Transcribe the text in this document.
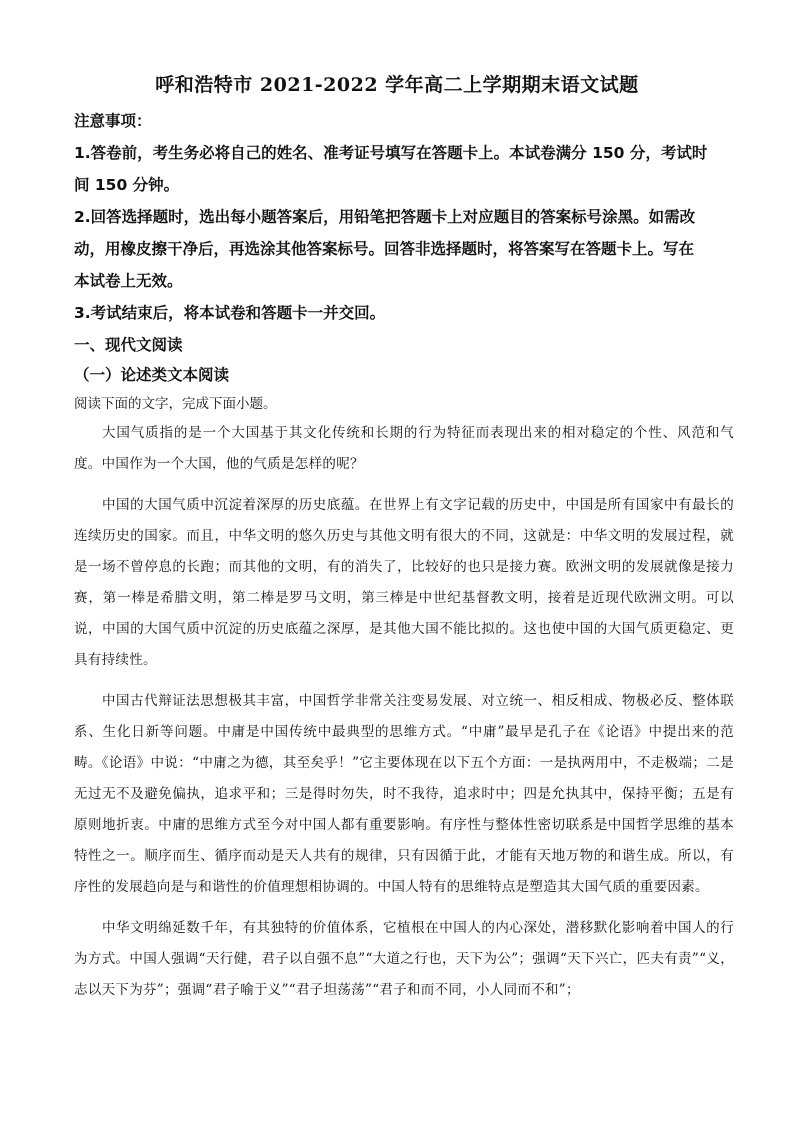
呼和浩特市 2021-2022 学年高二上学期期末语文试题
注意事项：
1.答卷前，考生务必将自己的姓名、准考证号填写在答题卡上。本试卷满分 150 分，考试时
间 150 分钟。
2.回答选择题时，选出每小题答案后，用铅笔把答题卡上对应题目的答案标号涂黑。如需改
动，用橡皮擦干净后，再选涂其他答案标号。回答非选择题时，将答案写在答题卡上。写在
本试卷上无效。
3.考试结束后，将本试卷和答题卡一并交回。
一、现代文阅读
（一）论述类文本阅读
阅读下面的文字，完成下面小题。

大国气质指的是一个大国基于其文化传统和长期的行为特征而表现出来的相对稳定的个性、风范和气度。中国作为一个大国，他的气质是怎样的呢？

中国的大国气质中沉淀着深厚的历史底蕴。在世界上有文字记载的历史中，中国是所有国家中有最长的连续历史的国家。而且，中华文明的悠久历史与其他文明有很大的不同，这就是：中华文明的发展过程，就是一场不曾停息的长跑；而其他的文明，有的消失了，比较好的也只是接力赛。欧洲文明的发展就像是接力赛，第一棒是希腊文明，第二棒是罗马文明，第三棒是中世纪基督教文明，接着是近现代欧洲文明。可以说，中国的大国气质中沉淀的历史底蕴之深厚，是其他大国不能比拟的。这也使中国的大国气质更稳定、更具有持续性。

中国古代辩证法思想极其丰富，中国哲学非常关注变易发展、对立统一、相反相成、物极必反、整体联系、生化日新等问题。中庸是中国传统中最典型的思维方式。“中庸”最早是孔子在《论语》中提出来的范畴。《论语》中说：“中庸之为德，其至矣乎！”它主要体现在以下五个方面：一是执两用中，不走极端；二是无过无不及避免偏执，追求平和；三是得时勿失，时不我待，追求时中；四是允执其中，保持平衡；五是有原则地折衷。中庸的思维方式至今对中国人都有重要影响。有序性与整体性密切联系是中国哲学思维的基本特性之一。顺序而生、循序而动是天人共有的规律，只有因循于此，才能有天地万物的和谐生成。所以，有序性的发展趋向是与和谐性的价值理想相协调的。中国人特有的思维特点是塑造其大国气质的重要因素。

中华文明绵延数千年，有其独特的价值体系，它植根在中国人的内心深处，潜移默化影响着中国人的行为方式。中国人强调“天行健，君子以自强不息”“大道之行也，天下为公”；强调“天下兴亡，匹夫有责”“义，志以天下为芬”；强调“君子喻于义”“君子坦荡荡”“君子和而不同，小人同而不和”；
